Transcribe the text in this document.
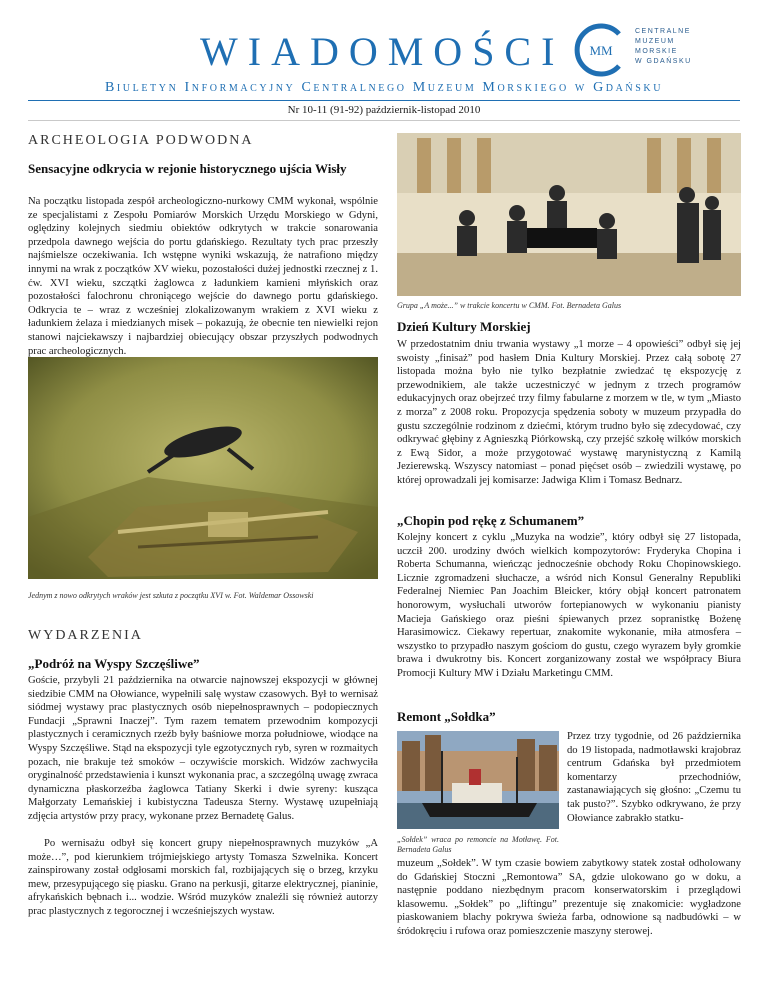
WIADOMOŚCI MM
CENTRALNE
MUZEUM
MORSKIE
W GDAŃSKU
Biuletyn Informacyjny Centralnego Muzeum Morskiego w Gdańsku
Nr 10-11 (91-92) październik-listopad 2010
ARCHEOLOGIA PODWODNA
Sensacyjne odkrycia w rejonie historycznego ujścia Wisły
Na początku listopada zespół archeologiczno-nurkowy CMM wykonał, wspólnie ze specjalistami z Zespołu Pomiarów Morskich Urzędu Morskiego w Gdyni, oględziny kolejnych siedmiu obiektów odkrytych w trakcie sonarowania przedpola dawnego wejścia do portu gdańskiego. Rezultaty tych prac przeszły najśmielsze oczekiwania. Ich wstępne wyniki wskazują, że natrafiono między innymi na wrak z początków XV wieku, pozostałości dużej jednostki rzecznej z 1. ćw. XVI wieku, szczątki żaglowca z ładunkiem kamieni młyńskich oraz pozostałości falochronu chroniącego wejście do dawnego portu gdańskiego. Odkrycia te – wraz z wcześniej zlokalizowanym wrakiem z XVI wieku z ładunkiem żelaza i miedzianych misek – pokazują, że obecnie ten niewielki rejon stanowi najciekawszy i najbardziej obiecujący obszar przyszłych podwodnych prac archeologicznych.
Jednym z nowo odkrytych wraków jest szkuta z początku XVI w. Fot. Waldemar Ossowski
WYDARZENIA
„Podróż na Wyspy Szczęśliwe”
Goście, przybyli 21 października na otwarcie najnowszej ekspozycji w głównej siedzibie CMM na Ołowiance, wypełnili salę wystaw czasowych. Był to wernisaż siódmej wystawy prac plastycznych osób niepełnosprawnych – podopiecznych Fundacji „Sprawni Inaczej”. Tym razem tematem przewodnim kompozycji plastycznych i ceramicznych rzeźb były baśniowe morza południowe, wiodące na Wyspy Szczęśliwe. Stąd na ekspozycji tyle egzotycznych ryb, syren w rozmaitych pozach, nie brakuje też smoków – oczywiście morskich. Widzów zachwyciła oryginalność przedstawienia i kunszt wykonania prac, a szczególną uwagę zwraca dynamiczna płaskorzeźba żaglowca Tatiany Skerki i dwie syreny: kusząca Małgorzaty Lemańskiej i kubistyczna Tadeusza Sterny. Wystawę uzupełniają zdjęcia artystów przy pracy, wykonane przez Bernadetę Galus.
Po wernisażu odbył się koncert grupy niepełnosprawnych muzyków „A może…”, pod kierunkiem trójmiejskiego artysty Tomasza Szwelnika. Koncert zainspirowany został odgłosami morskich fal, rozbijających się o brzeg, krzyku mew, przesypującego się piasku. Grano na perkusji, gitarze elektrycznej, pianinie, afrykańskich bębnach i... wodzie. Wśród muzyków znaleźli się również autorzy prac plastycznych z tegorocznej i wcześniejszych wystaw.
Grupa „A może...” w trakcie koncertu w CMM. Fot. Bernadeta Galus
Dzień Kultury Morskiej
W przedostatnim dniu trwania wystawy „1 morze – 4 opowieści” odbył się jej swoisty „finisaż” pod hasłem Dnia Kultury Morskiej. Przez całą sobotę 27 listopada można było nie tylko bezpłatnie zwiedzać tę ekspozycję z przewodnikiem, ale także uczestniczyć w jednym z trzech programów edukacyjnych oraz obejrzeć trzy filmy fabularne z morzem w tle, w tym „Miasto z morza” z 2008 roku. Propozycja spędzenia soboty w muzeum przypadła do gustu szczególnie rodzinom z dziećmi, którym trudno było się zdecydować, czy odkrywać głębiny z Agnieszką Piórkowską, czy przejść szkołę wilków morskich z Ewą Sidor, a może przygotować wystawę marynistyczną z Kamilą Jezierewską. Wszyscy natomiast – ponad pięćset osób – zwiedzili wystawę, po której oprowadzali jej komisarze: Jadwiga Klim i Tomasz Bednarz.
„Chopin pod rękę z Schumanem”
Kolejny koncert z cyklu „Muzyka na wodzie”, który odbył się 27 listopada, uczcił 200. urodziny dwóch wielkich kompozytorów: Fryderyka Chopina i Roberta Schumanna, wieńcząc jednocześnie obchody Roku Chopinowskiego. Licznie zgromadzeni słuchacze, a wśród nich Konsul Generalny Republiki Federalnej Niemiec Pan Joachim Bleicker, który objął koncert patronatem honorowym, wysłuchali utworów fortepianowych w wykonaniu pianisty Macieja Gańskiego oraz pieśni śpiewanych przez sopranistkę Bożenę Harasimowicz. Ciekawy repertuar, znakomite wykonanie, miła atmosfera – wszystko to przypadło naszym gościom do gustu, czego wyrazem były gromkie brawa i dwukrotny bis. Koncert zorganizowany został we współpracy Biura Promocji Kultury MW i Działu Marketingu CMM.
Remont „Sołdka”
„Sołdek” wraca po remoncie na Motławę. Fot. Bernadeta Galus
Przez trzy tygodnie, od 26 października do 19 listopada, nadmotławski krajobraz centrum Gdańska był przedmiotem komentarzy przechodniów, zastanawiających się głośno: „Czemu tu tak pusto?”. Szybko odkrywano, że przy Ołowiance zabrakło statku-
muzeum „Sołdek”. W tym czasie bowiem zabytkowy statek został odholowany do Gdańskiej Stoczni „Remontowa” SA, gdzie ulokowano go w doku, a następnie poddano niezbędnym pracom konserwatorskim i przeglądowi klasowemu. „Sołdek” po „liftingu” prezentuje się znakomicie: wygładzone piaskowaniem blachy pokrywa świeża farba, odnowione są nadbudówki – w śródokręciu i rufowa oraz pomieszczenie maszyny sterowej.
